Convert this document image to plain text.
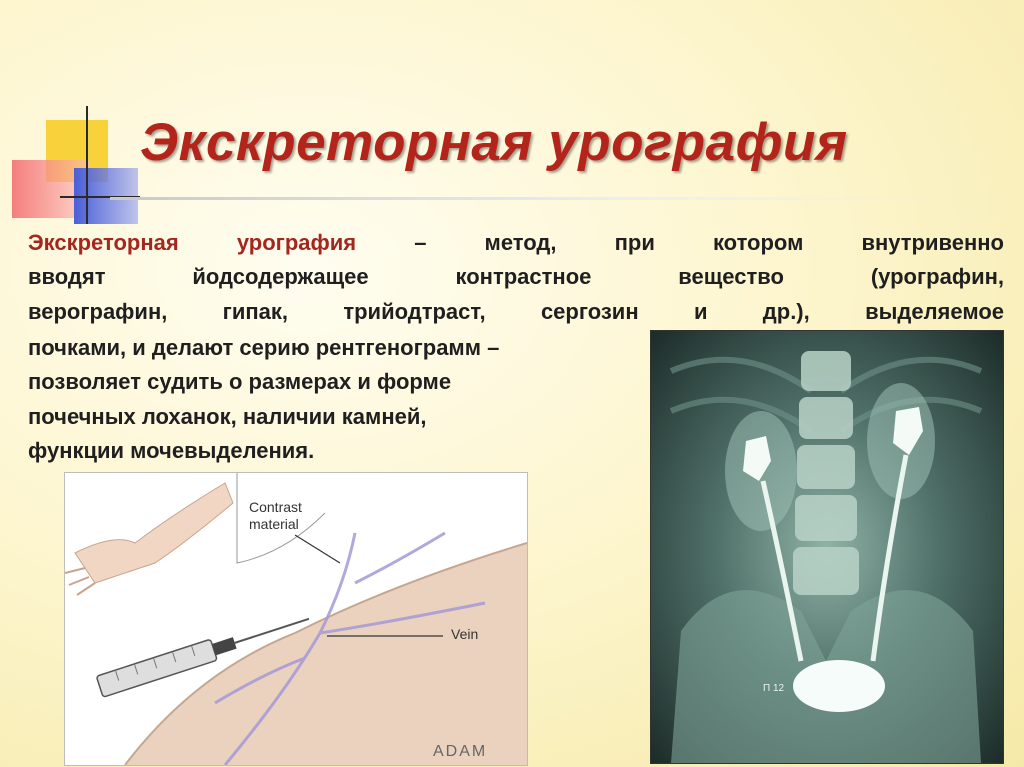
Экскреторная урография

Экскреторная урография – метод, при котором внутривенно

вводят йодсодержащее контрастное вещество (урографин,

верографин, гипак, трийодтраст, сергозин и др.), выделяемое

почками, и делают серию рентгенограмм –

позволяет судить о размерах и форме

почечных лоханок, наличии камней,

функции мочевыделения.

П 12
Contrast material
Vein
ADAM
